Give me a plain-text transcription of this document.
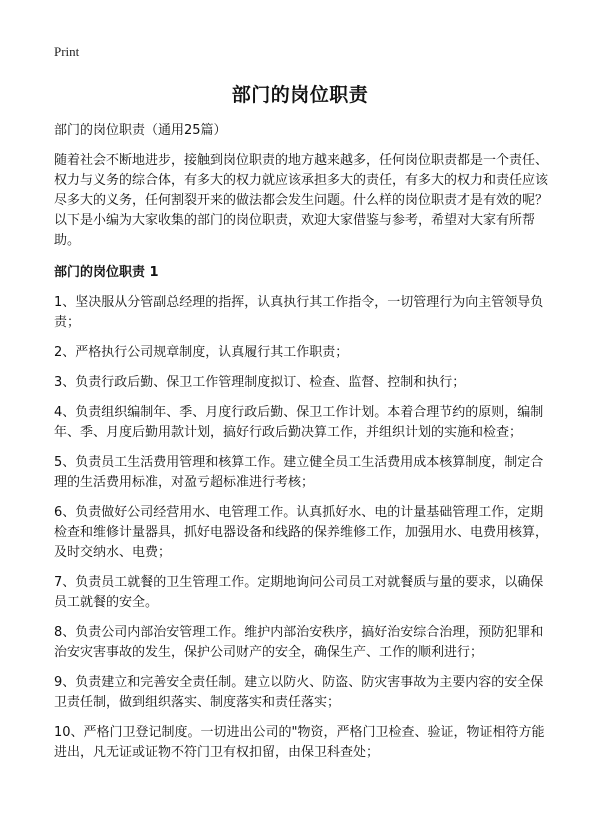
Print
部门的岗位职责

部门的岗位职责（通用25篇）

随着社会不断地进步，接触到岗位职责的地方越来越多，任何岗位职责都是一个责任、权力与义务的综合体，有多大的权力就应该承担多大的责任，有多大的权力和责任应该尽多大的义务，任何割裂开来的做法都会发生问题。什么样的岗位职责才是有效的呢？以下是小编为大家收集的部门的岗位职责，欢迎大家借鉴与参考，希望对大家有所帮助。

部门的岗位职责 1

1、坚决服从分管副总经理的指挥，认真执行其工作指令，一切管理行为向主管领导负责；
2、严格执行公司规章制度，认真履行其工作职责；
3、负责行政后勤、保卫工作管理制度拟订、检查、监督、控制和执行；
4、负责组织编制年、季、月度行政后勤、保卫工作计划。本着合理节约的原则，编制年、季、月度后勤用款计划，搞好行政后勤决算工作，并组织计划的实施和检查；
5、负责员工生活费用管理和核算工作。建立健全员工生活费用成本核算制度，制定合理的生活费用标准，对盈亏超标准进行考核；
6、负责做好公司经营用水、电管理工作。认真抓好水、电的计量基础管理工作，定期检查和维修计量器具，抓好电器设备和线路的保养维修工作，加强用水、电费用核算，及时交纳水、电费；
7、负责员工就餐的卫生管理工作。定期地询问公司员工对就餐质与量的要求，以确保员工就餐的安全。
8、负责公司内部治安管理工作。维护内部治安秩序，搞好治安综合治理，预防犯罪和治安灾害事故的发生，保护公司财产的安全，确保生产、工作的顺利进行；
9、负责建立和完善安全责任制。建立以防火、防盗、防灾害事故为主要内容的安全保卫责任制，做到组织落实、制度落实和责任落实；
10、严格门卫登记制度。一切进出公司的"物资，严格门卫检查、验证，物证相符方能进出，凡无证或证物不符门卫有权扣留，由保卫科查处；
